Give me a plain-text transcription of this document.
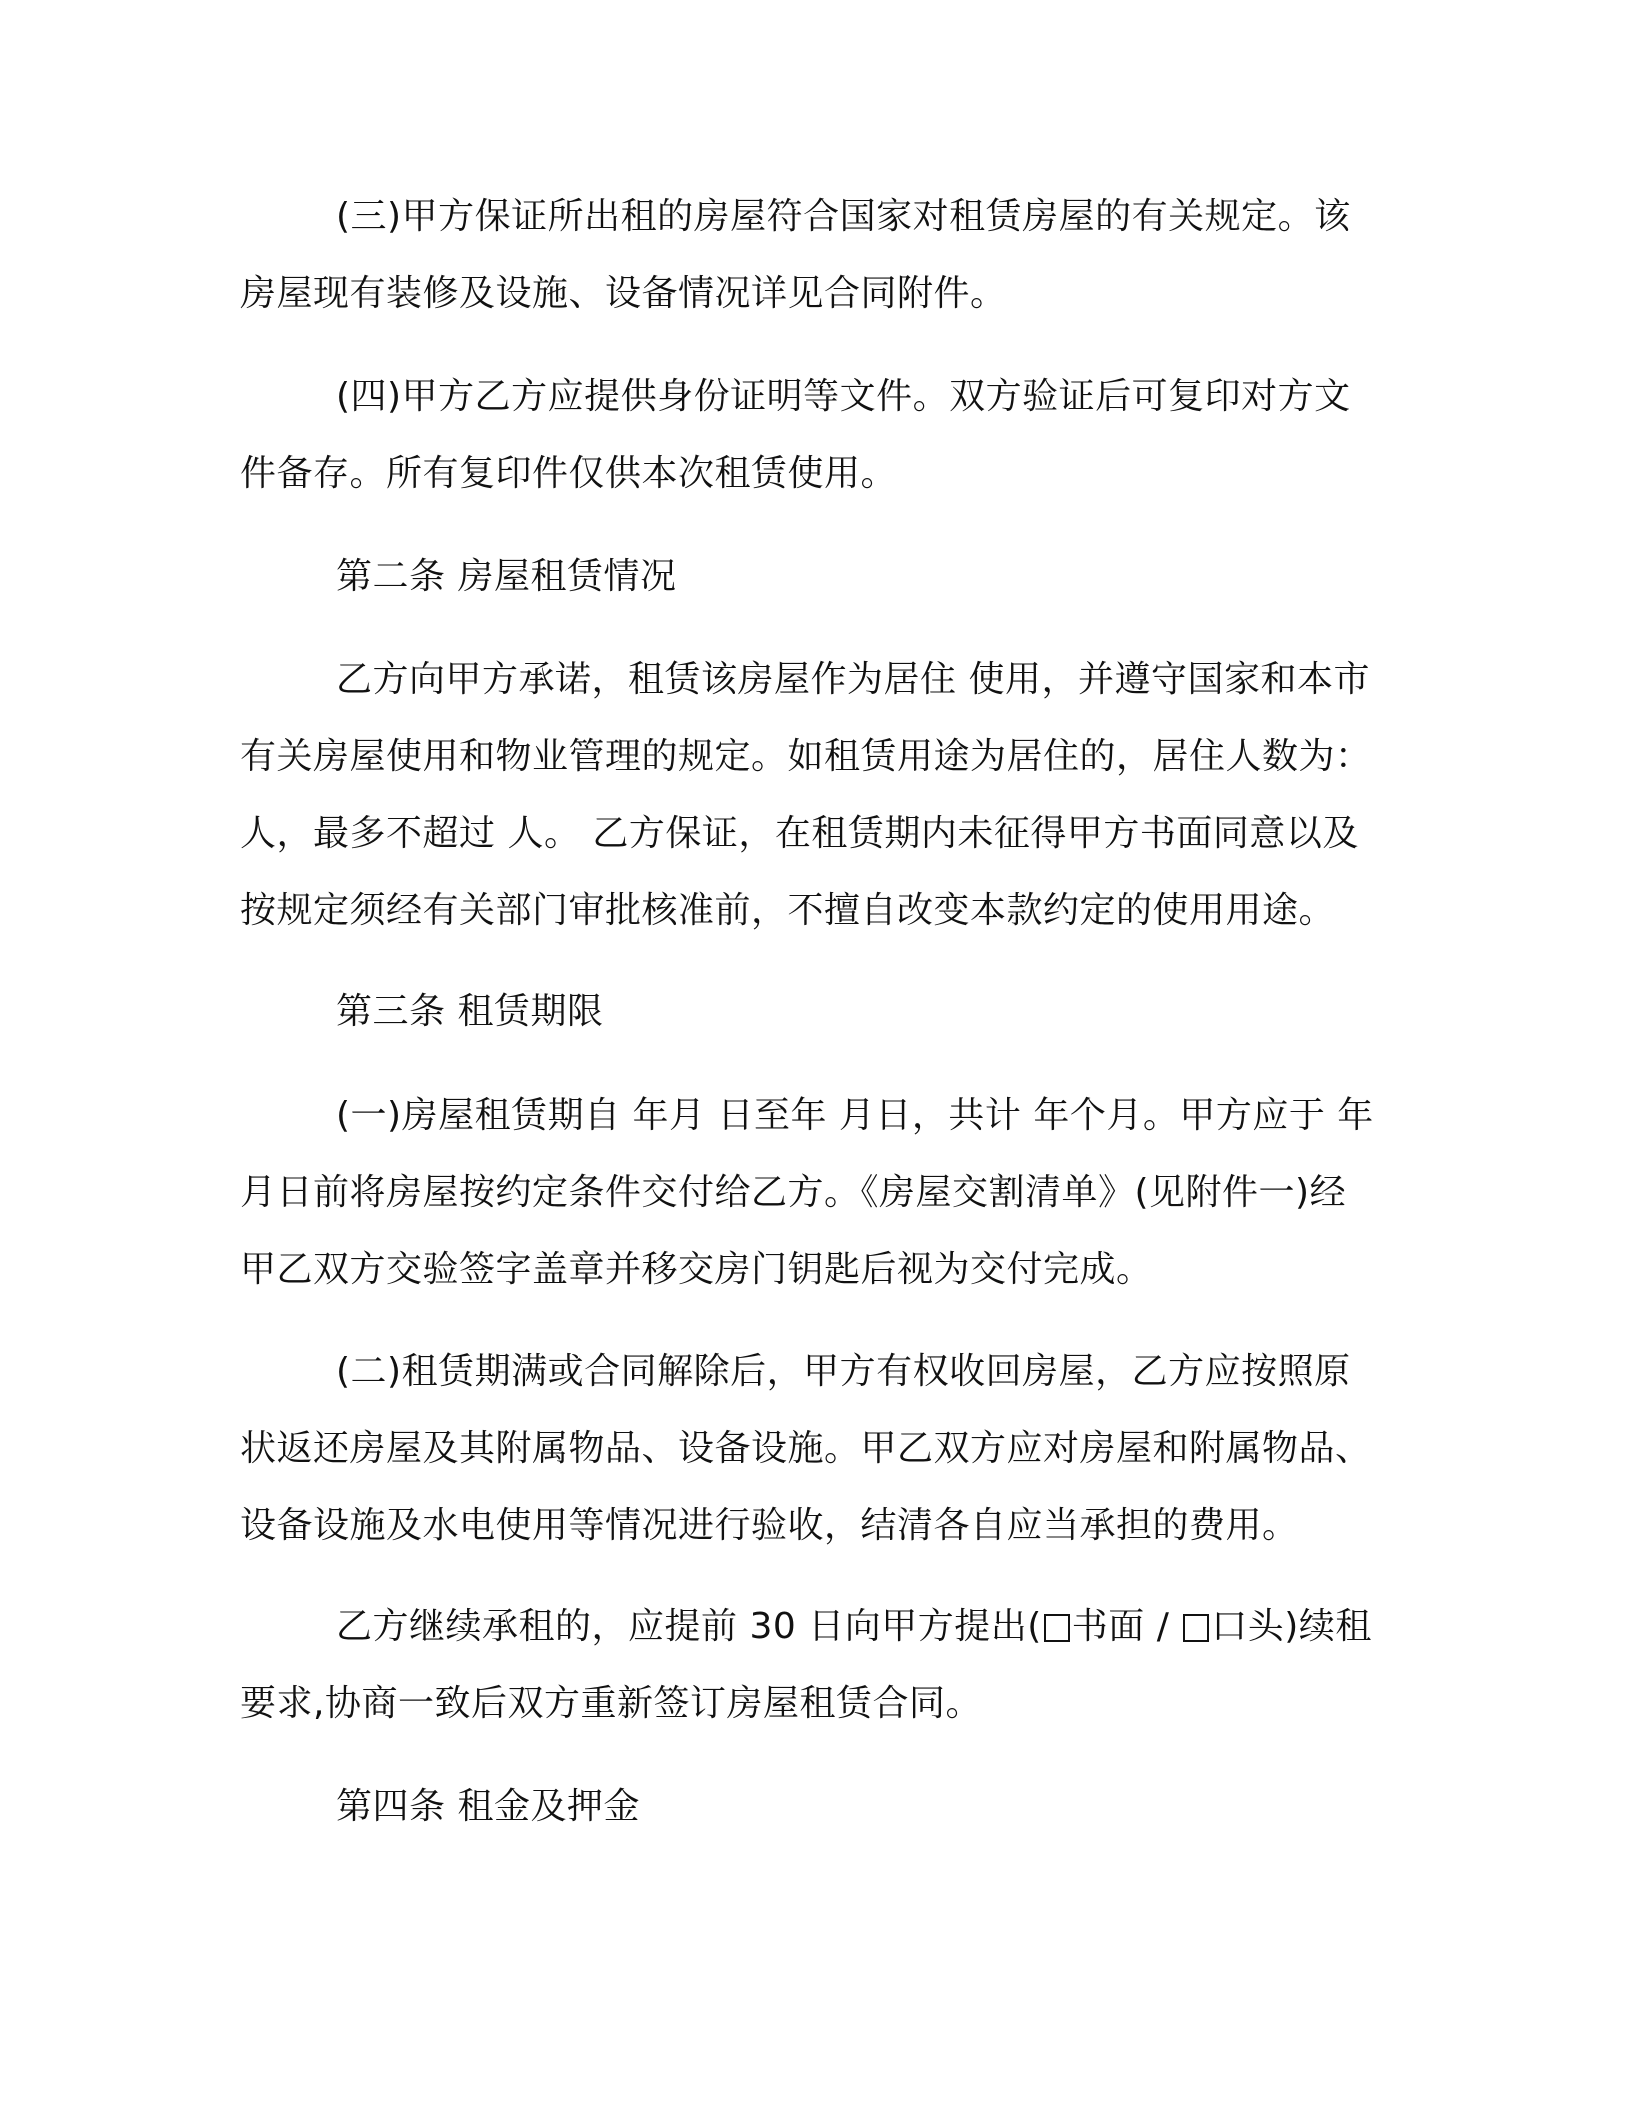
(三)甲方保证所出租的房屋符合国家对租赁房屋的有关规定。该
房屋现有装修及设施、设备情况详见合同附件。
(四)甲方乙方应提供身份证明等文件。双方验证后可复印对方文
件备存。所有复印件仅供本次租赁使用。
第二条 房屋租赁情况
乙方向甲方承诺，租赁该房屋作为居住 使用，并遵守国家和本市
有关房屋使用和物业管理的规定。如租赁用途为居住的，居住人数为：
人，最多不超过 人。 乙方保证，在租赁期内未征得甲方书面同意以及
按规定须经有关部门审批核准前，不擅自改变本款约定的使用用途。
第三条 租赁期限
(一)房屋租赁期自 年月 日至年 月日，共计 年个月。甲方应于 年
月日前将房屋按约定条件交付给乙方。《房屋交割清单》(见附件一)经
甲乙双方交验签字盖章并移交房门钥匙后视为交付完成。
(二)租赁期满或合同解除后，甲方有权收回房屋，乙方应按照原
状返还房屋及其附属物品、设备设施。甲乙双方应对房屋和附属物品、
设备设施及水电使用等情况进行验收，结清各自应当承担的费用。
乙方继续承租的，应提前 30 日向甲方提出( 书面 / 口头)续租
要求,协商一致后双方重新签订房屋租赁合同。
第四条 租金及押金
